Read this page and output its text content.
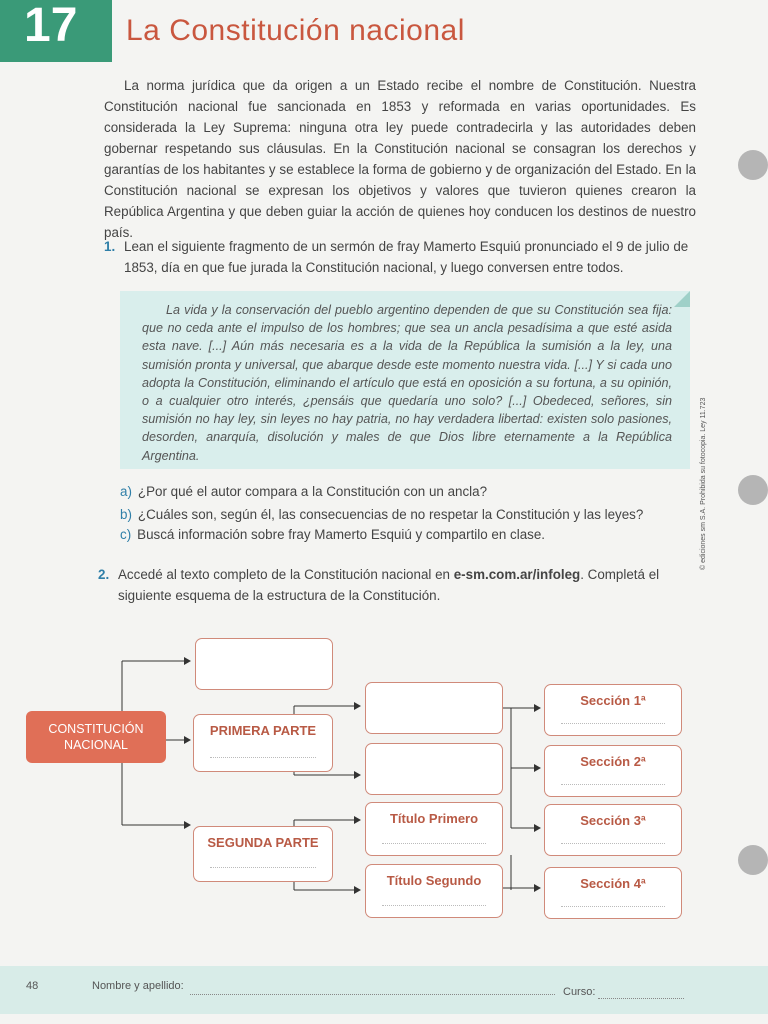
17	La Constitución nacional

La norma jurídica que da origen a un Estado recibe el nombre de Constitución. Nuestra Constitución nacional fue sancionada en 1853 y reformada en varias oportunidades. Es considerada la Ley Suprema: ninguna otra ley puede contradecirla y las autoridades deben gobernar respetando sus cláusulas. En la Constitución nacional se consagran los derechos y garantías de los habitantes y se establece la forma de gobierno y de organización del Estado. En la Constitución nacional se expresan los objetivos y valores que tuvieron quienes crearon la República Argentina y que deben guiar la acción de quienes hoy conducen los destinos de nuestro país.

1. Lean el siguiente fragmento de un sermón de fray Mamerto Esquiú pronunciado el 9 de julio de 1853, día en que fue jurada la Constitución nacional, y luego conversen entre todos.

La vida y la conservación del pueblo argentino dependen de que su Constitución sea fija: que no ceda ante el impulso de los hombres; que sea un ancla pesadísima a que esté asida esta nave. [...] Aún más necesaria es a la vida de la República la sumisión a la ley, una sumisión pronta y universal, que abarque desde este momento nuestra vida. [...] Y si cada uno adopta la Constitución, eliminando el artículo que está en oposición a su fortuna, a su opinión, o a cualquier otro interés, ¿pensáis que quedaría uno solo? [...] Obedeced, señores, sin sumisión no hay ley, sin leyes no hay patria, no hay verdadera libertad: existen solo pasiones, desorden, anarquía, disolución y males de que Dios libre eternamente a la República Argentina.

a) ¿Por qué el autor compara a la Constitución con un ancla?
b) ¿Cuáles son, según él, las consecuencias de no respetar la Constitución y las leyes?
c) Buscá información sobre fray Mamerto Esquiú y compartilo en clase.
2. Accedé al texto completo de la Constitución nacional en e-sm.com.ar/infoleg. Completá el siguiente esquema de la estructura de la Constitución.
© ediciones sm S.A. Prohibida su fotocopia. Ley 11.723
CONSTITUCIÓN NACIONAL
PRIMERA PARTE
SEGUNDA PARTE
Título Primero
Título Segundo
Sección 1ª
Sección 2ª
Sección 3ª
Sección 4ª
48	Nombre y apellido:	Curso:
